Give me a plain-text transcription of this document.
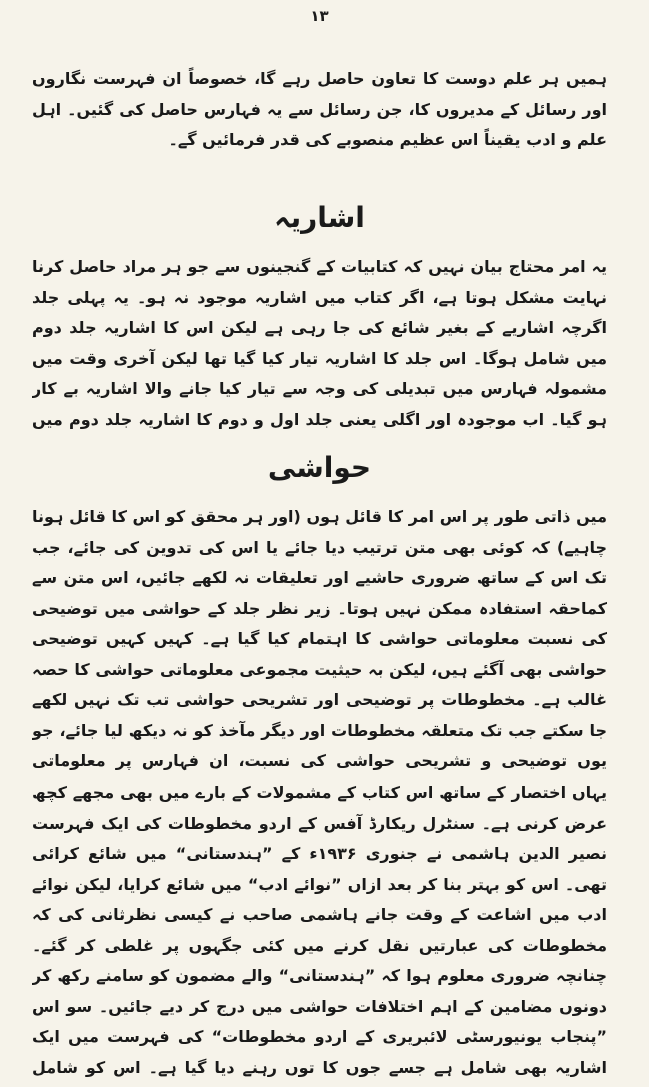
۱۳

ہمیں ہر علم دوست کا تعاون حاصل رہے گا، خصوصاً ان فہرست نگاروں اور رسائل کے مدیروں کا، جن رسائل سے یہ فہارس حاصل کی گئیں۔ اہل علم و ادب یقیناً اس عظیم منصوبے کی قدر فرمائیں گے۔

اشاریہ

یہ امر محتاج بیان نہیں کہ کتابیات کے گنجینوں سے جو ہر مراد حاصل کرنا نہایت مشکل ہوتا ہے، اگر کتاب میں اشاریہ موجود نہ ہو۔ یہ پہلی جلد اگرچہ اشاریے کے بغیر شائع کی جا رہی ہے لیکن اس کا اشاریہ جلد دوم میں شامل ہوگا۔ اس جلد کا اشاریہ تیار کیا گیا تھا لیکن آخری وقت میں مشمولہ فہارس میں تبدیلی کی وجہ سے تیار کیا جانے والا اشاریہ بے کار ہو گیا۔ اب موجودہ اور اگلی یعنی جلد اول و دوم کا اشاریہ جلد دوم میں

حواشی

میں ذاتی طور پر اس امر کا قائل ہوں (اور ہر محقق کو اس کا قائل ہونا چاہیے) کہ کوئی بھی متن ترتیب دیا جائے یا اس کی تدوین کی جائے، جب تک اس کے ساتھ ضروری حاشیے اور تعلیقات نہ لکھے جائیں، اس متن سے کماحقہ استفادہ ممکن نہیں ہوتا۔ زیر نظر جلد کے حواشی میں توضیحی کی نسبت معلوماتی حواشی کا اہتمام کیا گیا ہے۔ کہیں کہیں توضیحی حواشی بھی آگئے ہیں، لیکن بہ حیثیت مجموعی معلوماتی حواشی کا حصہ غالب ہے۔ مخطوطات پر توضیحی اور تشریحی حواشی تب تک نہیں لکھے جا سکتے جب تک متعلقہ مخطوطات اور دیگر مآخذ کو نہ دیکھ لیا جائے، جو

یوں توضیحی و تشریحی حواشی کی نسبت، ان فہارس پر معلوماتی

یہاں اختصار کے ساتھ اس کتاب کے مشمولات کے بارے میں بھی مجھے کچھ عرض کرنی ہے۔ سنٹرل ریکارڈ آفس کے اردو مخطوطات کی ایک فہرست نصیر الدین ہاشمی نے جنوری ۱۹۳۶ء کے ”ہندستانی“ میں شائع کرائی تھی۔ اس کو بہتر بنا کر بعد ازاں ”نوائے ادب“ میں شائع کرایا، لیکن نوائے ادب میں اشاعت کے وقت جانے ہاشمی صاحب نے کیسی نظرثانی کی کہ مخطوطات کی عبارتیں نقل کرنے میں کئی جگہوں پر غلطی کر گئے۔ چنانچہ ضروری معلوم ہوا کہ ”ہندستانی“ والے مضمون کو سامنے رکھ کر دونوں مضامین کے اہم اختلافات حواشی میں درج کر دیے جائیں۔ سو اس

”پنجاب یونیورسٹی لائبریری کے اردو مخطوطات“ کی فہرست میں ایک اشاریہ بھی شامل ہے جسے جوں کا توں رہنے دیا گیا ہے۔ اس کو شامل
